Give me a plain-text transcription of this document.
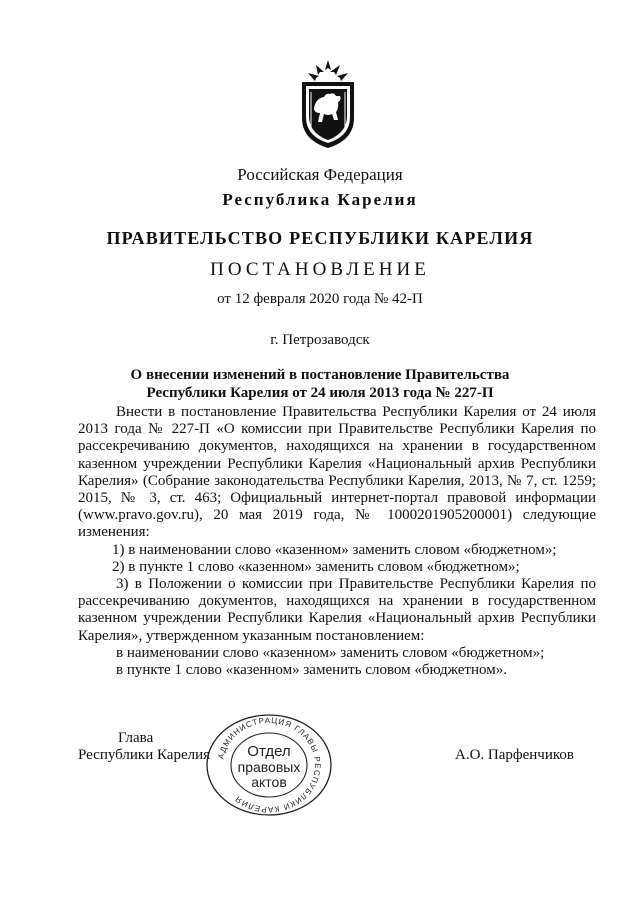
Российская Федерация
Республика Карелия
ПРАВИТЕЛЬСТВО РЕСПУБЛИКИ КАРЕЛИЯ
ПОСТАНОВЛЕНИЕ
от 12 февраля 2020 года № 42-П
г. Петрозаводск
О внесении изменений в постановление Правительства
Республики Карелия от 24 июля 2013 года № 227-П

Внести в постановление Правительства Республики Карелия от 24 июля 2013 года № 227-П «О комиссии при Правительстве Республики Карелия по рассекречиванию документов, находящихся на хранении в государственном казенном учреждении Республики Карелия «Национальный архив Республики Карелия» (Собрание законодательства Республики Карелия, 2013, № 7, ст. 1259; 2015, № 3, ст. 463; Официальный интернет-портал правовой информации (www.pravo.gov.ru), 20 мая 2019 года, № 1000201905200001) следующие изменения:

1) в наименовании слово «казенном» заменить словом «бюджетном»;

2) в пункте 1 слово «казенном» заменить словом «бюджетном»;

3) в Положении о комиссии при Правительстве Республики Карелия по рассекречиванию документов, находящихся на хранении в государственном казенном учреждении Республики Карелия «Национальный архив Республики Карелия», утвержденном указанным постановлением:

в наименовании слово «казенном» заменить словом «бюджетном»;

в пункте 1 слово «казенном» заменить словом «бюджетном».

Глава
Республики Карелия	А.О. Парфенчиков
АДМИНИСТРАЦИЯ ГЛАВЫ РЕСПУБЛИКИ КАРЕЛИЯ
Отдел
правовых
актов
